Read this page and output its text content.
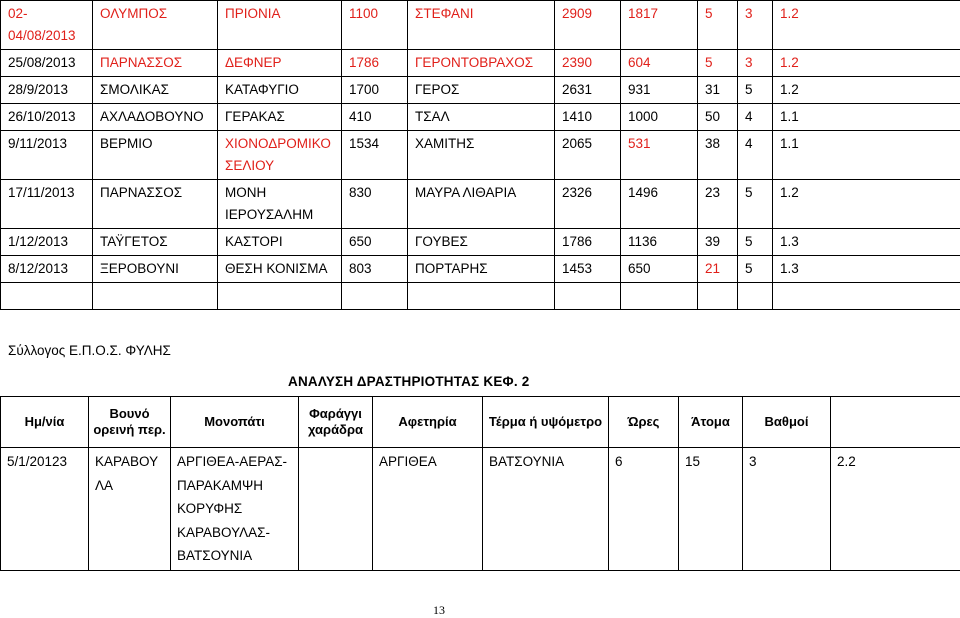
02-04/08/2013	ΟΛΥΜΠΟΣ	ΠΡΙΟΝΙΑ	1100	ΣΤΕΦΑΝΙ	2909	1817	5	3	1.2
25/08/2013	ΠΑΡΝΑΣΣΟΣ	ΔΕΦΝΕΡ	1786	ΓΕΡΟΝΤΟΒΡΑΧΟΣ	2390	604	5	3	1.2
28/9/2013	ΣΜΟΛΙΚΑΣ	ΚΑΤΑΦΥΓΙΟ	1700	ΓΕΡΟΣ	2631	931	31	5	1.2
26/10/2013	ΑΧΛΑΔΟΒΟΥΝΟ	ΓΕΡΑΚΑΣ	410	ΤΣΑΛ	1410	1000	50	4	1.1
9/11/2013	ΒΕΡΜΙΟ	ΧΙΟΝΟΔΡΟΜΙΚΟ ΣΕΛΙΟΥ	1534	ΧΑΜΙΤΗΣ	2065	531	38	4	1.1
17/11/2013	ΠΑΡΝΑΣΣΟΣ	ΜΟΝΗ ΙΕΡΟΥΣΑΛΗΜ	830	ΜΑΥΡΑ ΛΙΘΑΡΙΑ	2326	1496	23	5	1.2
1/12/2013	ΤΑΫΓΕΤΟΣ	ΚΑΣΤΟΡΙ	650	ΓΟΥΒΕΣ	1786	1136	39	5	1.3
8/12/2013	ΞΕΡΟΒΟΥΝΙ	ΘΕΣΗ ΚΟΝΙΣΜΑ	803	ΠΟΡΤΑΡΗΣ	1453	650	21	5	1.3

Σύλλογος Ε.Π.Ο.Σ. ΦΥΛΗΣ
ΑΝΑΛΥΣΗ ΔΡΑΣΤΗΡΙΟΤΗΤΑΣ ΚΕΦ. 2
Ημ/νία	Βουνό ορεινή περ.	Μονοπάτι	Φαράγγι χαράδρα	Αφετηρία	Τέρμα ή υψόμετρο	Ώρες	Άτομα	Βαθμοί	
5/1/20123	ΚΑΡΑΒΟΥΛΑ	ΑΡΓΙΘΕΑ-ΑΕΡΑΣ-ΠΑΡΑΚΑΜΨΗ ΚΟΡΥΦΗΣ ΚΑΡΑΒΟΥΛΑΣ-ΒΑΤΣΟΥΝΙΑ		ΑΡΓΙΘΕΑ	ΒΑΤΣΟΥΝΙΑ	6	15	3	2.2
13
